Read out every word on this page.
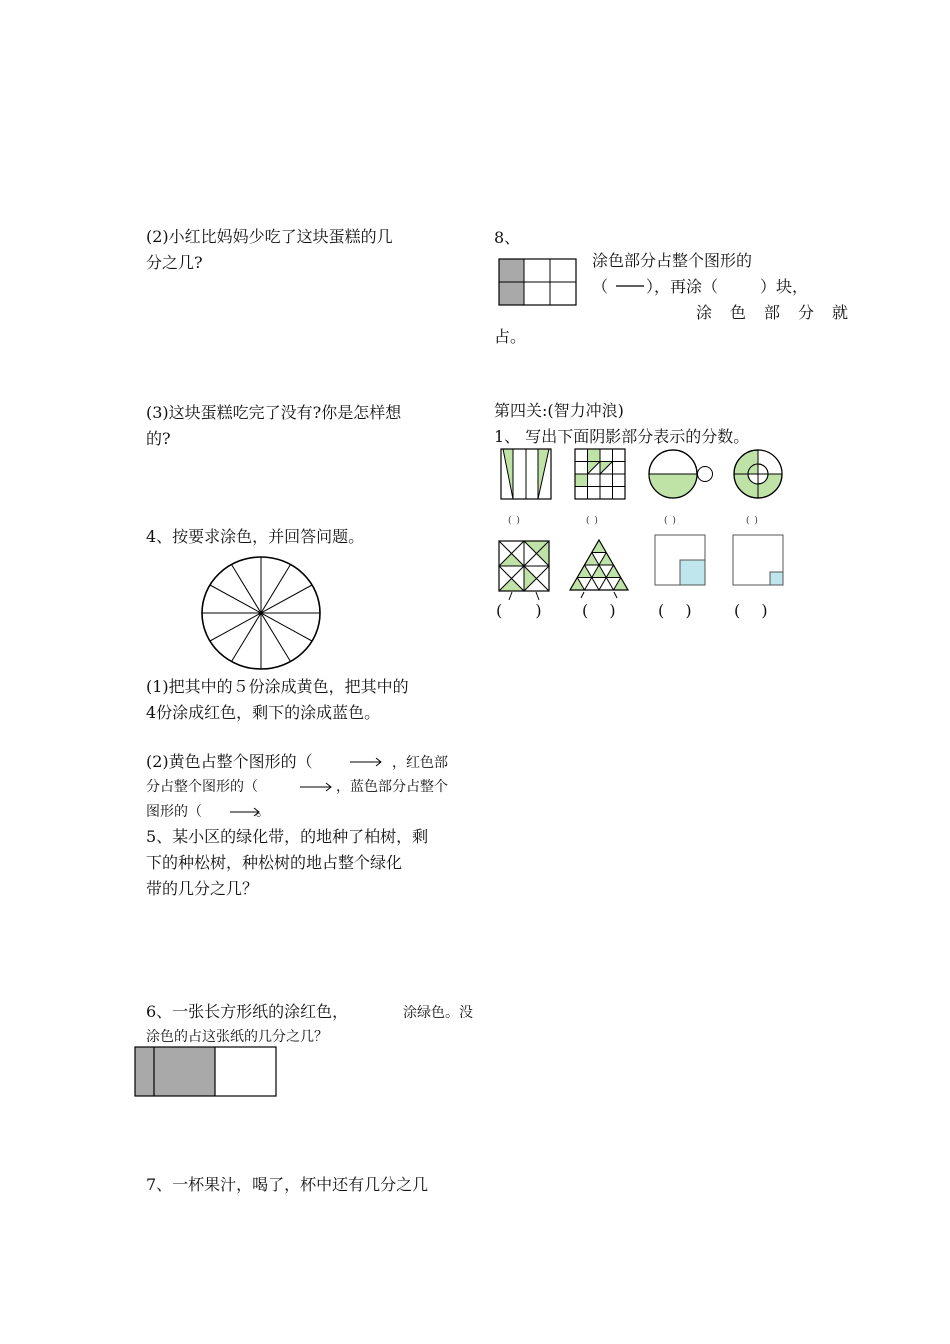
(2)小红比妈妈少吃了这块蛋糕的几
分之几?
(3)这块蛋糕吃完了没有?你是怎样想
的?
4、按要求涂色，并回答问题。
(1)把其中的５份涂成黄色，把其中的
4份涂成红色，剩下的涂成蓝色。
(2)黄色占整个图形的（	，红色部
分占整个图形的（	，蓝色部分占整个
图形的（	。
5、某小区的绿化带，的地种了柏树，剩
下的种松树，种松树的地占整个绿化
带的几分之几？
6、一张长方形纸的涂红色，	涂绿色。没
涂色的占这张纸的几分之几？
7、一杯果汁，喝了，杯中还有几分之几
8、
涂色部分占整个图形的
（ ），再涂（	）块，
涂色部分就
占。
第四关:(智力冲浪)
1、 写出下面阴影部分表示的分数。
( )	( )	( )	( )
( ) ( ) ( ) ( )
